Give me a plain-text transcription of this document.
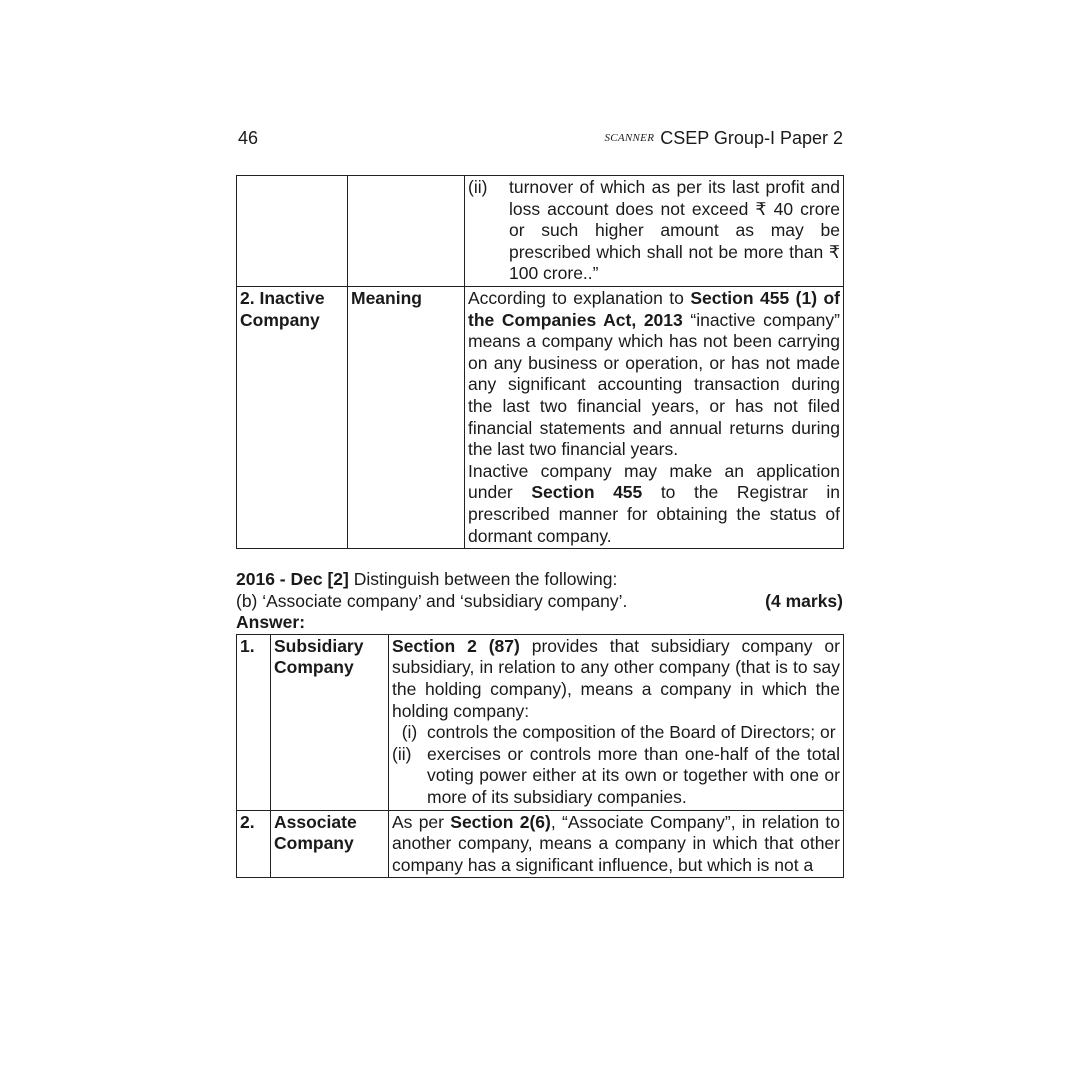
46	SCANNER CSEP Group-I Paper 2

		(ii) turnover of which as per its last profit and loss account does not exceed ₹ 40 crore or such higher amount as may be prescribed which shall not be more than ₹ 100 crore..”

2. Inactive Company	Meaning	According to explanation to Section 455 (1) of the Companies Act, 2013 “inactive company” means a company which has not been carrying on any business or operation, or has not made any significant accounting transaction during the last two financial years, or has not filed financial statements and annual returns during the last two financial years.
Inactive company may make an application under Section 455 to the Registrar in prescribed manner for obtaining the status of dormant company.
2016 - Dec [2] Distinguish between the following:
(b) ‘Associate company’ and ‘subsidiary company’.	(4 marks)
Answer:
1.	Subsidiary Company	Section 2 (87) provides that subsidiary company or subsidiary, in relation to any other company (that is to say the holding company), means a company in which the holding company:
(i) controls the composition of the Board of Directors; or
(ii) exercises or controls more than one-half of the total voting power either at its own or together with one or more of its subsidiary companies.

2.	Associate Company	As per Section 2(6), “Associate Company”, in relation to another company, means a company in which that other company has a significant influence, but which is not a
